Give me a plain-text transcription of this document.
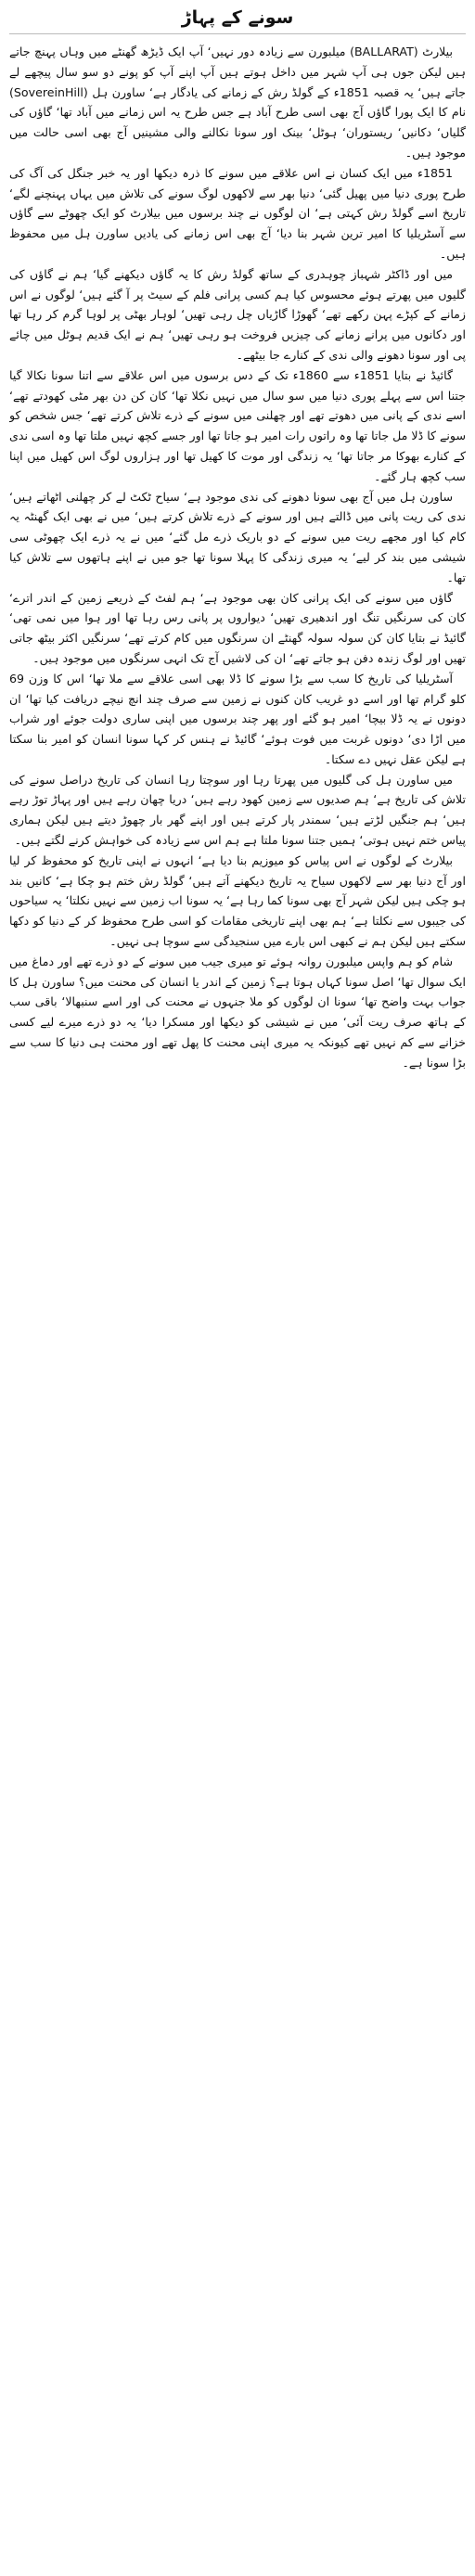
سونے کے پہاڑ

بیلارٹ (BALLARAT) میلبورن سے زیادہ دور نہیں‘ آپ ایک ڈیڑھ گھنٹے میں وہاں پہنچ جاتے ہیں لیکن جوں ہی آپ شہر میں داخل ہوتے ہیں آپ اپنے آپ کو پونے دو سو سال پیچھے لے جاتے ہیں‘ یہ قصبہ 1851ء کے گولڈ رش کے زمانے کی یادگار ہے‘ ساورن ہل (SovereinHill) نام کا ایک پورا گاؤں آج بھی اسی طرح آباد ہے جس طرح یہ اس زمانے میں آباد تھا‘ گاؤں کی گلیاں‘ دکانیں‘ ریستوران‘ ہوٹل‘ بینک اور سونا نکالنے والی مشینیں آج بھی اسی حالت میں موجود ہیں۔

1851ء میں ایک کسان نے اس علاقے میں سونے کا ذرہ دیکھا اور یہ خبر جنگل کی آگ کی طرح پوری دنیا میں پھیل گئی‘ دنیا بھر سے لاکھوں لوگ سونے کی تلاش میں یہاں پہنچنے لگے‘ تاریخ اسے گولڈ رش کہتی ہے‘ ان لوگوں نے چند برسوں میں بیلارٹ کو ایک چھوٹے سے گاؤں سے آسٹریلیا کا امیر ترین شہر بنا دیا‘ آج بھی اس زمانے کی یادیں ساورن ہل میں محفوظ ہیں۔

میں اور ڈاکٹر شہباز چوہدری کے ساتھ گولڈ رش کا یہ گاؤں دیکھنے گیا‘ ہم نے گاؤں کی گلیوں میں پھرتے ہوئے محسوس کیا ہم کسی پرانی فلم کے سیٹ پر آ گئے ہیں‘ لوگوں نے اس زمانے کے کپڑے پہن رکھے تھے‘ گھوڑا گاڑیاں چل رہی تھیں‘ لوہار بھٹی پر لوہا گرم کر رہا تھا اور دکانوں میں پرانے زمانے کی چیزیں فروخت ہو رہی تھیں‘ ہم نے ایک قدیم ہوٹل میں چائے پی اور سونا دھونے والی ندی کے کنارے جا بیٹھے۔

گائیڈ نے بتایا 1851ء سے 1860ء تک کے دس برسوں میں اس علاقے سے اتنا سونا نکالا گیا جتنا اس سے پہلے پوری دنیا میں سو سال میں نہیں نکلا تھا‘ کان کن دن بھر مٹی کھودتے تھے‘ اسے ندی کے پانی میں دھوتے تھے اور چھلنی میں سونے کے ذرے تلاش کرتے تھے‘ جس شخص کو سونے کا ڈلا مل جاتا تھا وہ راتوں رات امیر ہو جاتا تھا اور جسے کچھ نہیں ملتا تھا وہ اسی ندی کے کنارے بھوکا مر جاتا تھا‘ یہ زندگی اور موت کا کھیل تھا اور ہزاروں لوگ اس کھیل میں اپنا سب کچھ ہار گئے۔

ساورن ہل میں آج بھی سونا دھونے کی ندی موجود ہے‘ سیاح ٹکٹ لے کر چھلنی اٹھاتے ہیں‘ ندی کی ریت پانی میں ڈالتے ہیں اور سونے کے ذرے تلاش کرتے ہیں‘ میں نے بھی ایک گھنٹہ یہ کام کیا اور مجھے ریت میں سونے کے دو باریک ذرے مل گئے‘ میں نے یہ ذرے ایک چھوٹی سی شیشی میں بند کر لیے‘ یہ میری زندگی کا پہلا سونا تھا جو میں نے اپنے ہاتھوں سے تلاش کیا تھا۔

گاؤں میں سونے کی ایک پرانی کان بھی موجود ہے‘ ہم لفٹ کے ذریعے زمین کے اندر اترے‘ کان کی سرنگیں تنگ اور اندھیری تھیں‘ دیواروں پر پانی رس رہا تھا اور ہوا میں نمی تھی‘ گائیڈ نے بتایا کان کن سولہ سولہ گھنٹے ان سرنگوں میں کام کرتے تھے‘ سرنگیں اکثر بیٹھ جاتی تھیں اور لوگ زندہ دفن ہو جاتے تھے‘ ان کی لاشیں آج تک انہی سرنگوں میں موجود ہیں۔

آسٹریلیا کی تاریخ کا سب سے بڑا سونے کا ڈلا بھی اسی علاقے سے ملا تھا‘ اس کا وزن 69 کلو گرام تھا اور اسے دو غریب کان کنوں نے زمین سے صرف چند انچ نیچے دریافت کیا تھا‘ ان دونوں نے یہ ڈلا بیچا‘ امیر ہو گئے اور پھر چند برسوں میں اپنی ساری دولت جوئے اور شراب میں اڑا دی‘ دونوں غربت میں فوت ہوئے‘ گائیڈ نے ہنس کر کہا سونا انسان کو امیر بنا سکتا ہے لیکن عقل نہیں دے سکتا۔

میں ساورن ہل کی گلیوں میں پھرتا رہا اور سوچتا رہا انسان کی تاریخ دراصل سونے کی تلاش کی تاریخ ہے‘ ہم صدیوں سے زمین کھود رہے ہیں‘ دریا چھان رہے ہیں اور پہاڑ توڑ رہے ہیں‘ ہم جنگیں لڑتے ہیں‘ سمندر پار کرتے ہیں اور اپنے گھر بار چھوڑ دیتے ہیں لیکن ہماری پیاس ختم نہیں ہوتی‘ ہمیں جتنا سونا ملتا ہے ہم اس سے زیادہ کی خواہش کرنے لگتے ہیں۔

بیلارٹ کے لوگوں نے اس پیاس کو میوزیم بنا دیا ہے‘ انہوں نے اپنی تاریخ کو محفوظ کر لیا اور آج دنیا بھر سے لاکھوں سیاح یہ تاریخ دیکھنے آتے ہیں‘ گولڈ رش ختم ہو چکا ہے‘ کانیں بند ہو چکی ہیں لیکن شہر آج بھی سونا کما رہا ہے‘ یہ سونا اب زمین سے نہیں نکلتا‘ یہ سیاحوں کی جیبوں سے نکلتا ہے‘ ہم بھی اپنے تاریخی مقامات کو اسی طرح محفوظ کر کے دنیا کو دکھا سکتے ہیں لیکن ہم نے کبھی اس بارے میں سنجیدگی سے سوچا ہی نہیں۔

شام کو ہم واپس میلبورن روانہ ہوئے تو میری جیب میں سونے کے دو ذرے تھے اور دماغ میں ایک سوال تھا‘ اصل سونا کہاں ہوتا ہے؟ زمین کے اندر یا انسان کی محنت میں؟ ساورن ہل کا جواب بہت واضح تھا‘ سونا ان لوگوں کو ملا جنہوں نے محنت کی اور اسے سنبھالا‘ باقی سب کے ہاتھ صرف ریت آئی‘ میں نے شیشی کو دیکھا اور مسکرا دیا‘ یہ دو ذرے میرے لیے کسی خزانے سے کم نہیں تھے کیونکہ یہ میری اپنی محنت کا پھل تھے اور محنت ہی دنیا کا سب سے بڑا سونا ہے۔
